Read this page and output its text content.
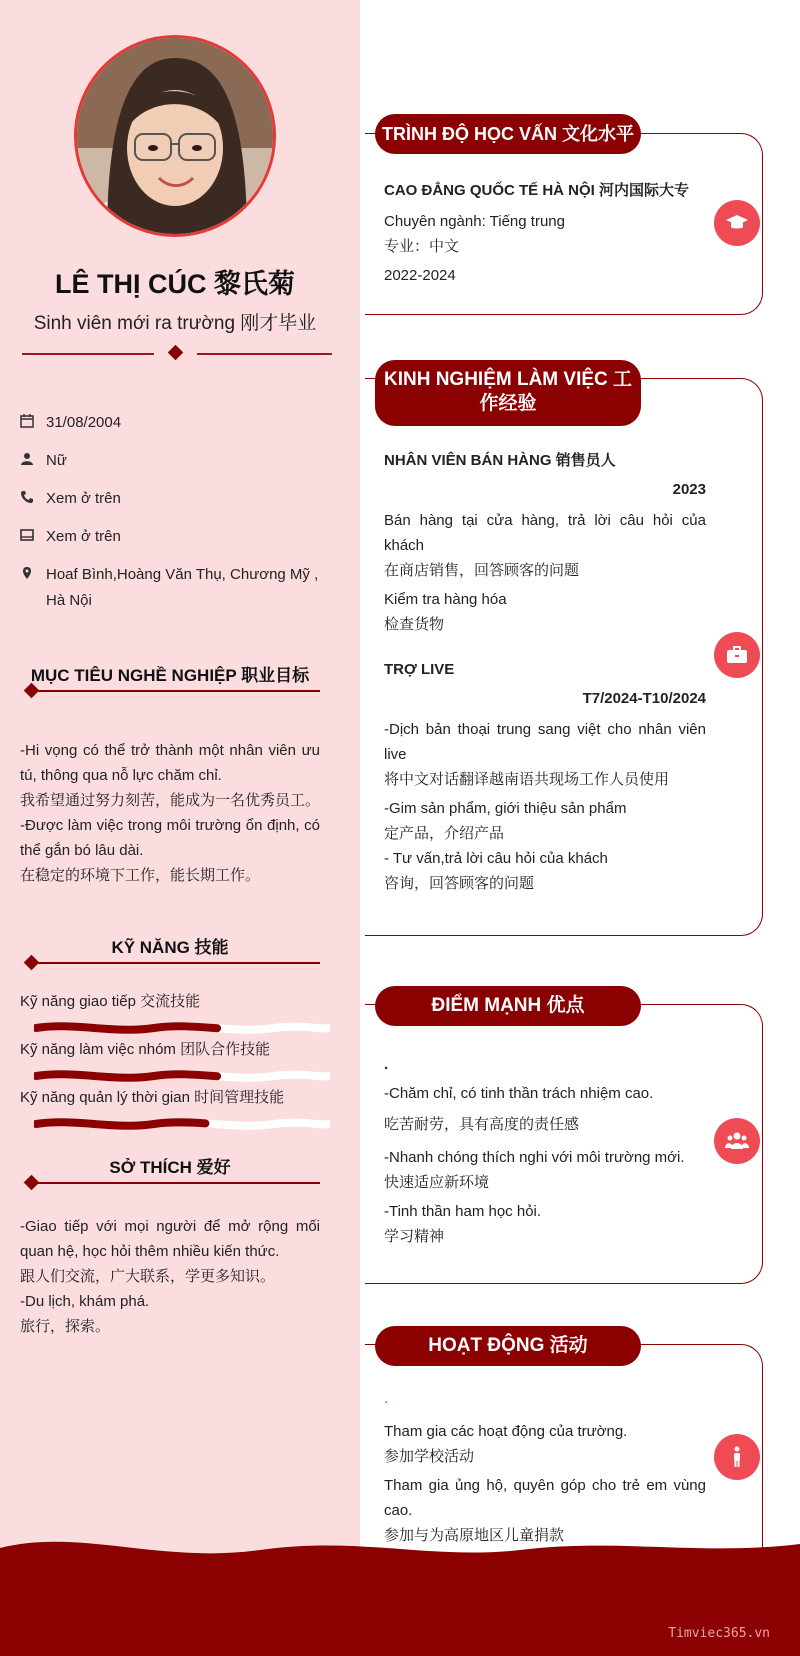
LÊ THỊ CÚC 黎氏菊
Sinh viên mới ra trường 刚才毕业
31/08/2004
Nữ
Xem ở trên
Xem ở trên
Hoaf Bình,Hoàng Văn Thụ, Chương Mỹ , Hà Nội
MỤC TIÊU NGHỀ NGHIỆP 职业目标
-Hi vọng có thể trở thành một nhân viên ưu tú, thông qua nỗ lực chăm chỉ.
我希望通过努力刻苦，能成为一名优秀员工。
-Được làm việc trong môi trường ổn định, có thể gắn bó lâu dài.
在稳定的环境下工作，能长期工作。
KỸ NĂNG 技能
Kỹ năng giao tiếp 交流技能
Kỹ năng làm việc nhóm 团队合作技能
Kỹ năng quản lý thời gian 时间管理技能
SỞ THÍCH 爱好
-Giao tiếp với mọi người để mở rộng mối quan hệ, học hỏi thêm nhiều kiến thức.
跟人们交流，广大联系，学更多知识。
-Du lịch, khám phá.
旅行，探索。
TRÌNH ĐỘ HỌC VẤN 文化水平
CAO ĐẲNG QUỐC TẾ HÀ NỘI 河内国际大专
Chuyên ngành: Tiếng trung
专业：中文
2022-2024
KINH NGHIỆM LÀM VIỆC 工作经验
NHÂN VIÊN BÁN HÀNG 销售员人
2023
Bán hàng tại cửa hàng, trả lời câu hỏi của khách
在商店销售，回答顾客的问题
Kiểm tra hàng hóa
检查货物
TRỢ LIVE
T7/2024-T10/2024
-Dịch bản thoại trung sang việt cho nhân viên live
将中文对话翻译越南语共现场工作人员使用
-Gim sản phẩm, giới thiệu sản phẩm
定产品，介绍产品
- Tư vấn,trả lời câu hỏi của khách
咨询，回答顾客的问题
ĐIỂM MẠNH 优点
.
-Chăm chỉ, có tinh thần trách nhiệm cao.
吃苦耐劳，具有高度的责任感
-Nhanh chóng thích nghi với môi trường mới.
快速适应新环境
-Tinh thần ham học hỏi.
学习精神
HOẠT ĐỘNG 活动
.
Tham gia các hoạt động của trường.
参加学校活动
Tham gia ủng hộ, quyên góp cho trẻ em vùng cao.
参加与为高原地区儿童捐款
Timviec365.vn
